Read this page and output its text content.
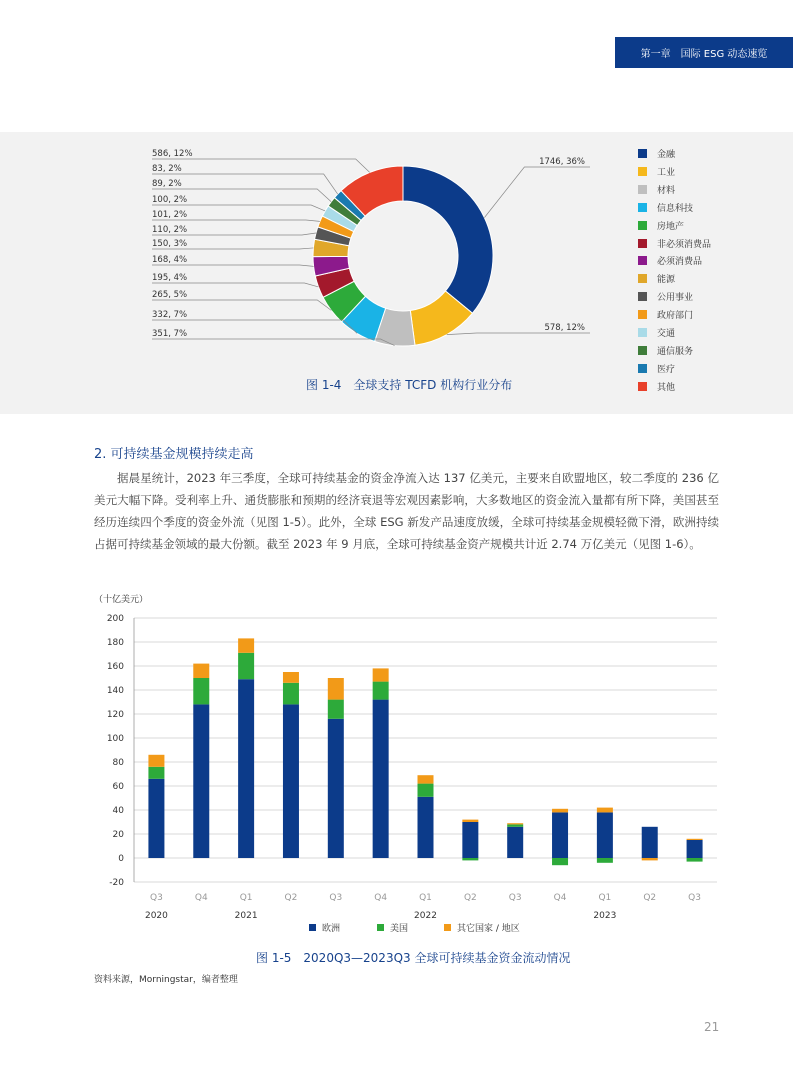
第一章　国际 ESG 动态速览
1746, 36%
578, 12%
351, 7%
332, 7%
265, 5%
195, 4%
168, 4%
150, 3%
110, 2%
101, 2%
100, 2%
89, 2%
83, 2%
586, 12%	金融
工业
材料
信息科技
房地产
非必须消费品
必须消费品
能源
公用事业
政府部门
交通
通信服务
医疗
其他
图 1-4　全球支持 TCFD 机构行业分布
2. 可持续基金规模持续走高
据晨星统计，2023 年三季度，全球可持续基金的资金净流入达 137 亿美元，主要来自欧盟地区，较二季度的 236 亿美元大幅下降。受利率上升、通货膨胀和预期的经济衰退等宏观因素影响，大多数地区的资金流入量都有所下降，美国甚至经历连续四个季度的资金外流（见图 1-5）。此外，全球 ESG 新发产品速度放缓，全球可持续基金规模轻微下滑，欧洲持续占据可持续基金领域的最大份额。截至 2023 年 9 月底，全球可持续基金资产规模共计近 2.74 万亿美元（见图 1-6）。
（十亿美元）
-20
0
20
40
60
80
100
120
140
160
180
200
Q3	Q4	Q1	Q2	Q3	Q4	Q1	Q2	Q3	Q4	Q1	Q2	Q3
2020	2021	2022	2023
欧洲	美国	其它国家 / 地区
图 1-5　2020Q3—2023Q3 全球可持续基金资金流动情况
资料来源，Morningstar，编者整理
21
